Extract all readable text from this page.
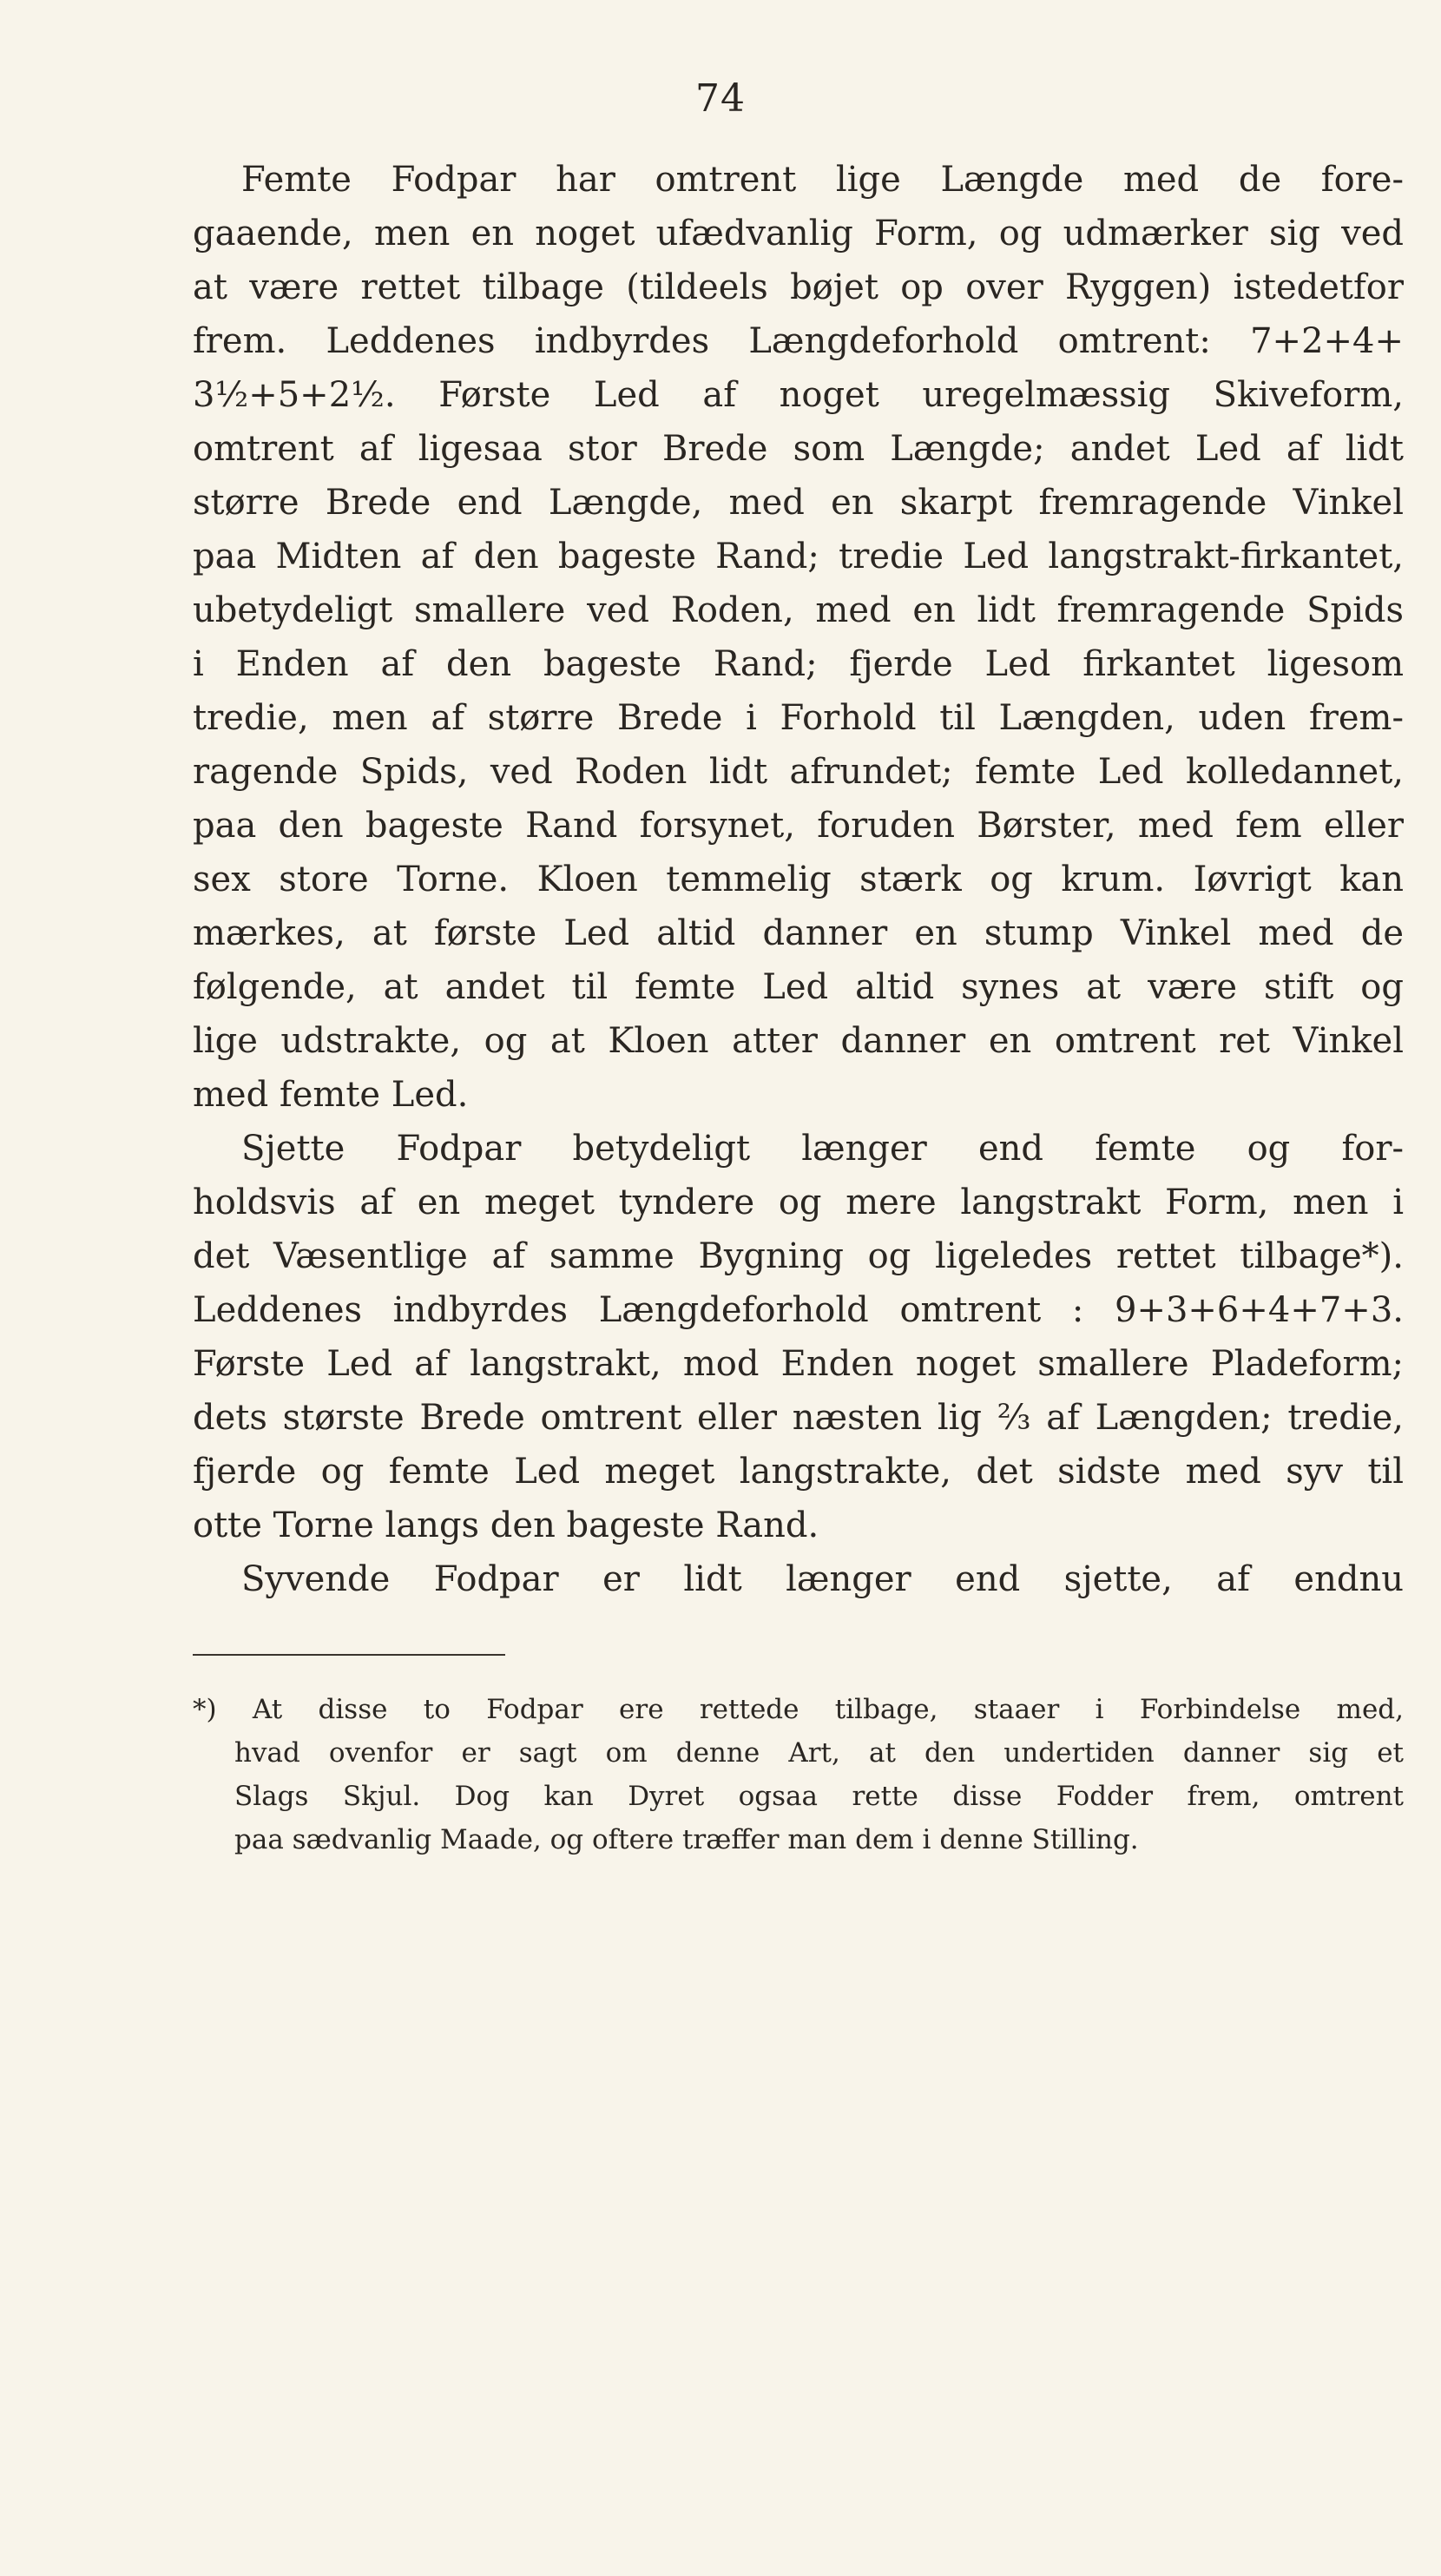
74
Femte Fodpar har omtrent lige Længde med de fore-
gaaende, men en noget ufædvanlig Form, og udmærker sig ved
at være rettet tilbage (tildeels bøjet op over Ryggen) istedetfor
frem. Leddenes indbyrdes Længdeforhold omtrent: 7+2+4+
3½+5+2½. Første Led af noget uregelmæssig Skiveform,
omtrent af ligesaa stor Brede som Længde; andet Led af lidt
større Brede end Længde, med en skarpt fremragende Vinkel
paa Midten af den bageste Rand; tredie Led langstrakt-firkantet,
ubetydeligt smallere ved Roden, med en lidt fremragende Spids
i Enden af den bageste Rand; fjerde Led firkantet ligesom
tredie, men af større Brede i Forhold til Længden, uden frem-
ragende Spids, ved Roden lidt afrundet; femte Led kolledannet,
paa den bageste Rand forsynet, foruden Børster, med fem eller
sex store Torne. Kloen temmelig stærk og krum. Iøvrigt kan
mærkes, at første Led altid danner en stump Vinkel med de
følgende, at andet til femte Led altid synes at være stift og
lige udstrakte, og at Kloen atter danner en omtrent ret Vinkel
med femte Led.
Sjette Fodpar betydeligt længer end femte og for-
holdsvis af en meget tyndere og mere langstrakt Form, men i
det Væsentlige af samme Bygning og ligeledes rettet tilbage*).
Leddenes indbyrdes Længdeforhold omtrent : 9+3+6+4+7+3.
Første Led af langstrakt, mod Enden noget smallere Pladeform;
dets største Brede omtrent eller næsten lig ⅔ af Længden; tredie,
fjerde og femte Led meget langstrakte, det sidste med syv til
otte Torne langs den bageste Rand.
Syvende Fodpar er lidt længer end sjette, af endnu
*) At disse to Fodpar ere rettede tilbage, staaer i Forbindelse med,
hvad ovenfor er sagt om denne Art, at den undertiden danner sig et
Slags Skjul. Dog kan Dyret ogsaa rette disse Fodder frem, omtrent
paa sædvanlig Maade, og oftere træffer man dem i denne Stilling.
